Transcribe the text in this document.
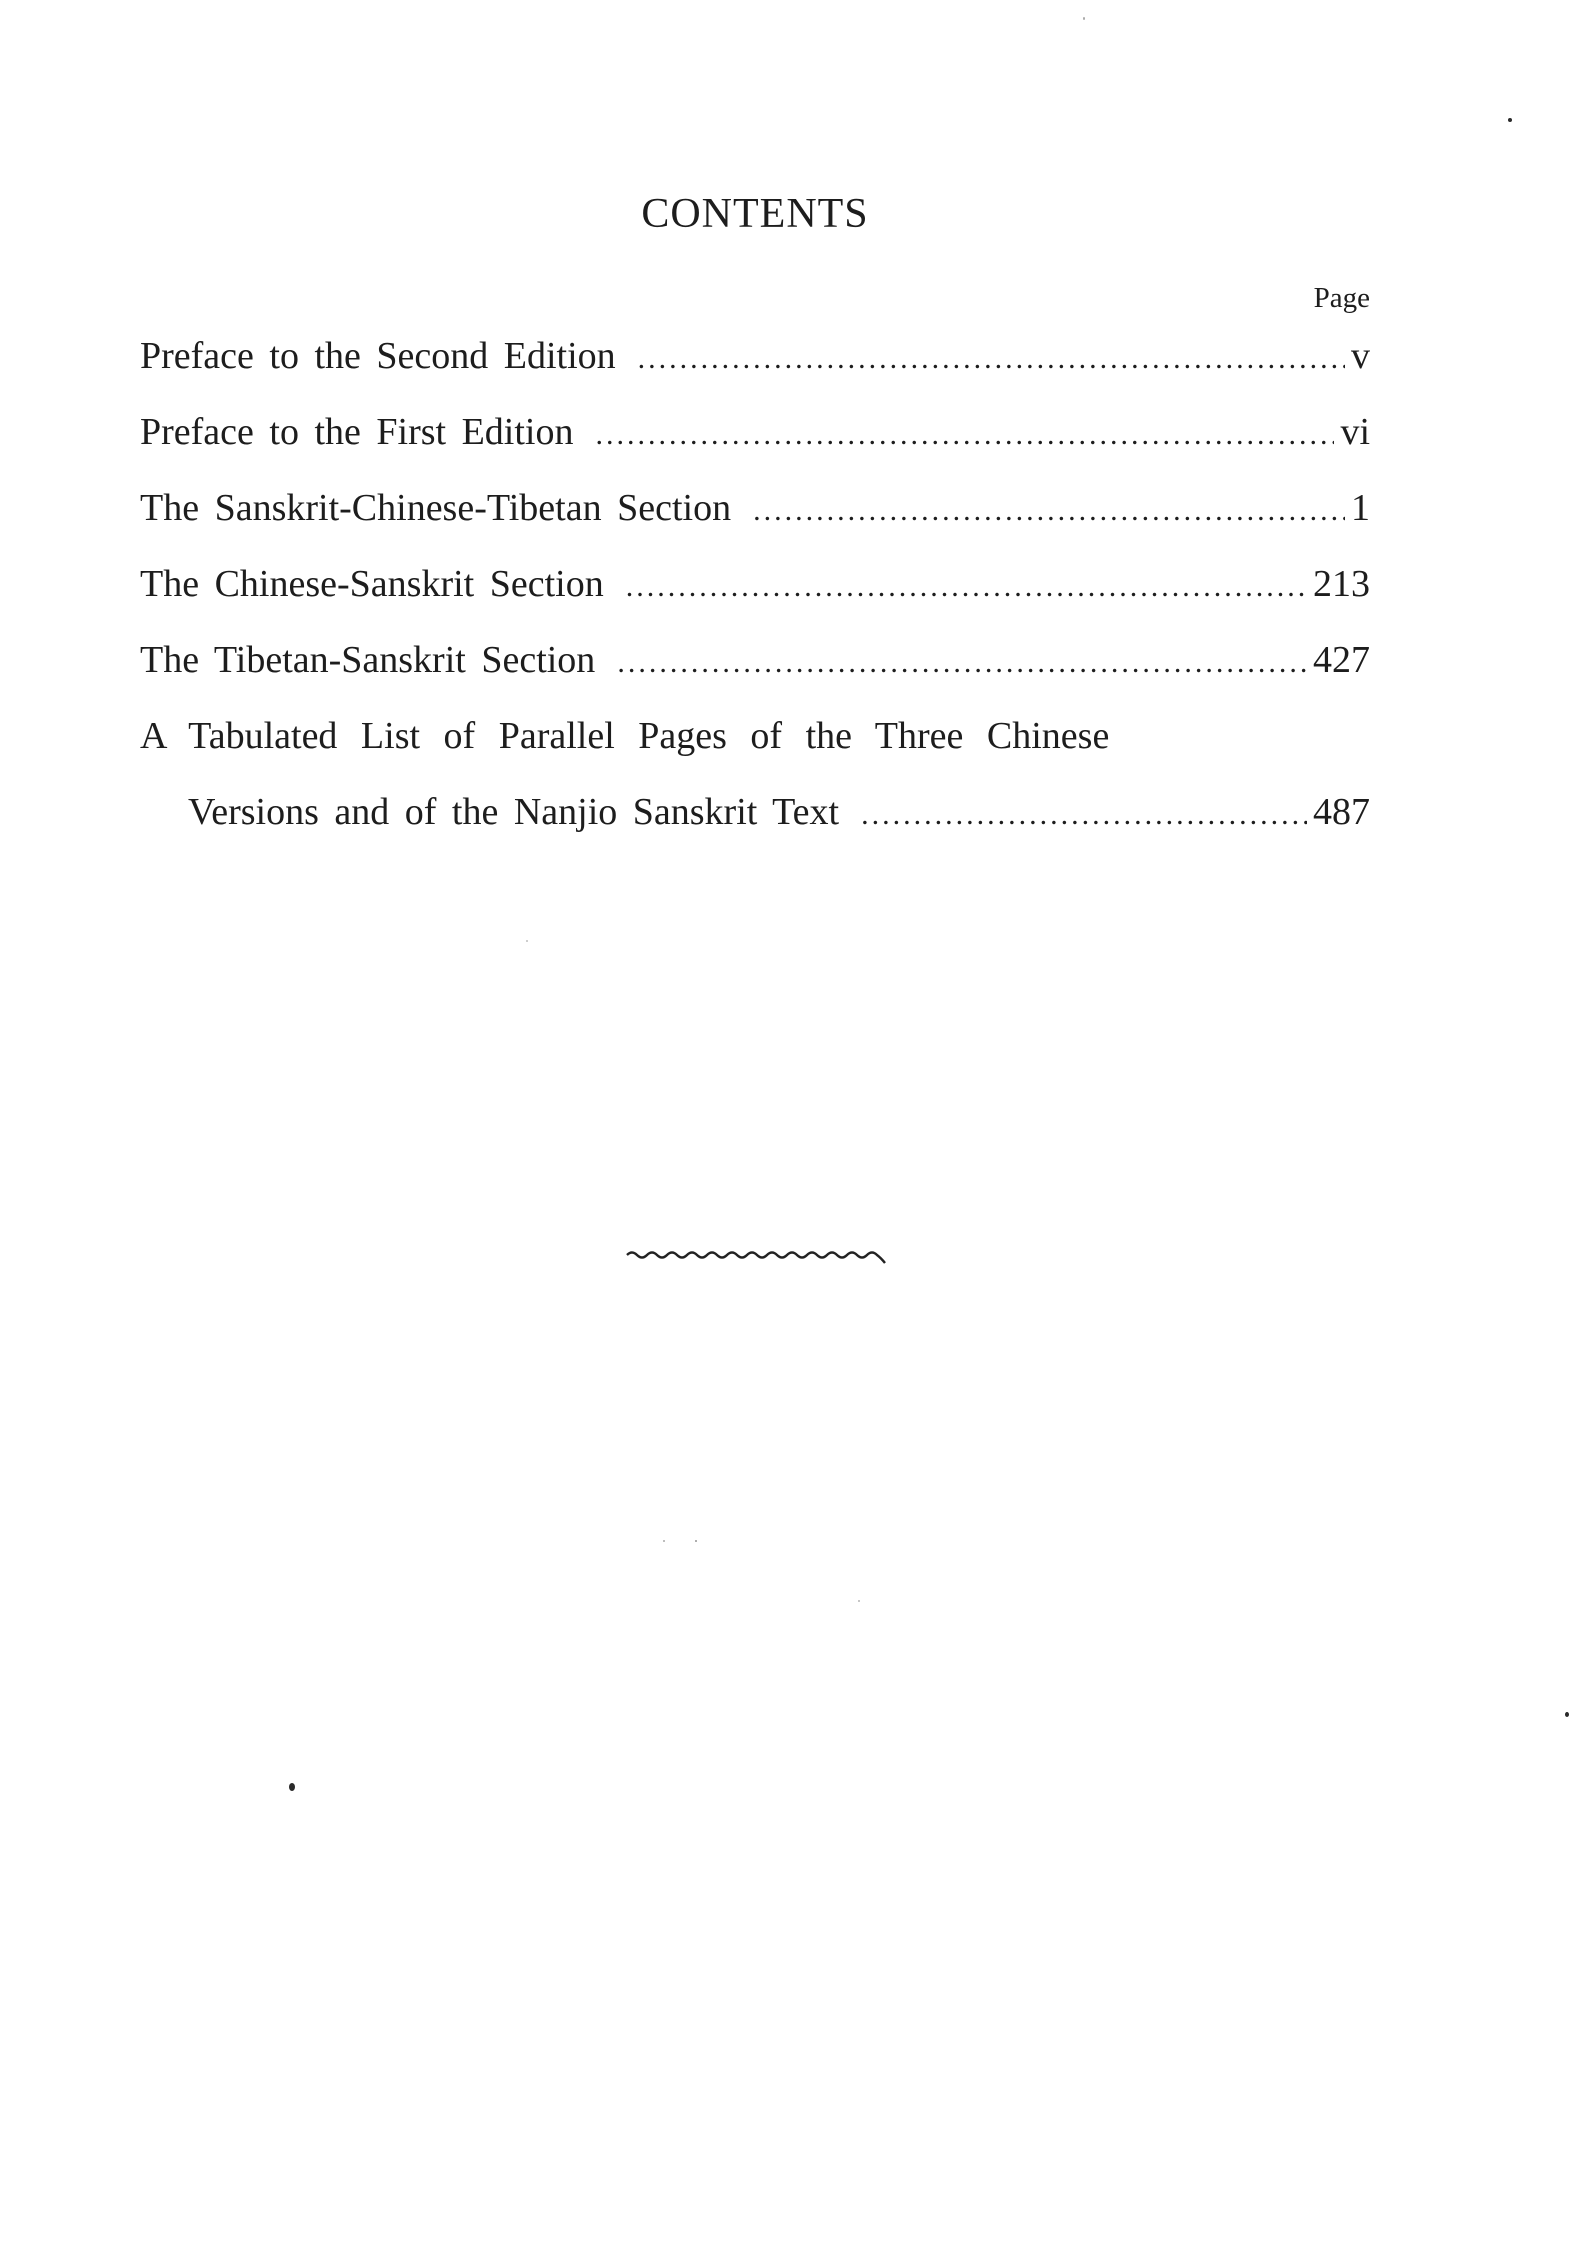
CONTENTS
Page
Preface to the Second Edition .....	v
Preface to the First Edition .....	vi
The Sanskrit-Chinese-Tibetan Section .....	1
The Chinese-Sanskrit Section .....	213
The Tibetan-Sanskrit Section .....	427
A Tabulated List of Parallel Pages of the Three Chinese
Versions and of the Nanjio Sanskrit Text .....	487
